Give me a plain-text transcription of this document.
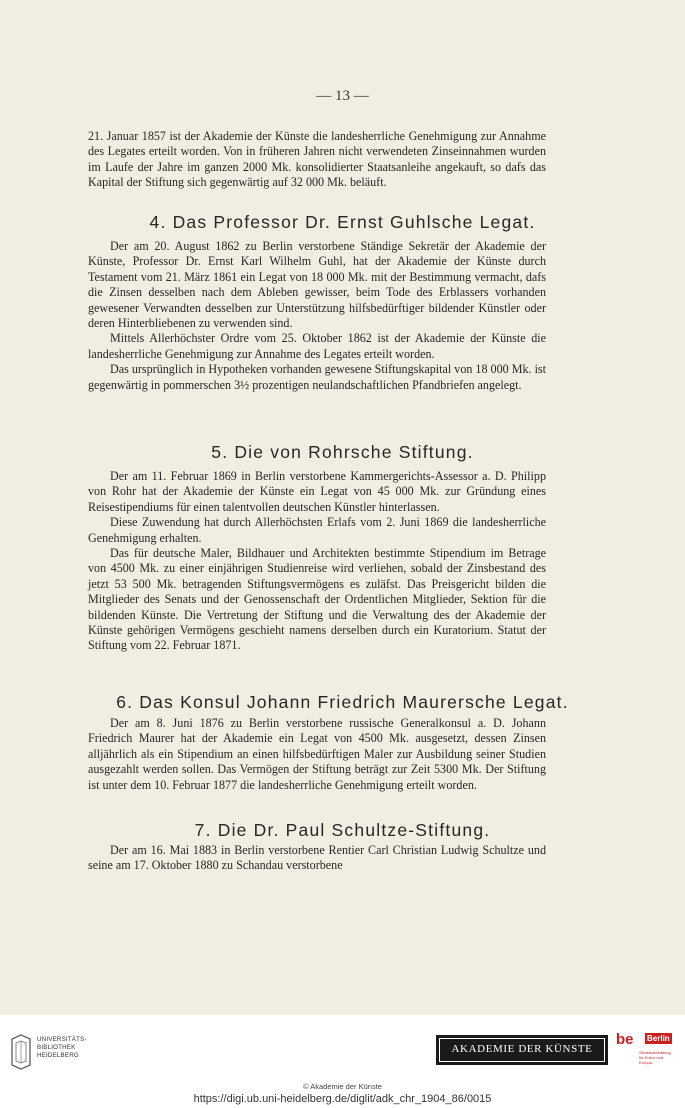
— 13 —

21. Januar 1857 ist der Akademie der Künste die landesherrliche Genehmigung zur Annahme des Legates erteilt worden. Von in früheren Jahren nicht verwendeten Zinseinnahmen wurden im Laufe der Jahre im ganzen 2000 Mk. konsolidierter Staatsanleihe angekauft, so dafs das Kapital der Stiftung sich gegenwärtig auf 32 000 Mk. beläuft.

4. Das Professor Dr. Ernst Guhlsche Legat.

Der am 20. August 1862 zu Berlin verstorbene Ständige Sekretär der Akademie der Künste, Professor Dr. Ernst Karl Wilhelm Guhl, hat der Akademie der Künste durch Testament vom 21. März 1861 ein Legat von 18 000 Mk. mit der Bestimmung vermacht, dafs die Zinsen desselben nach dem Ableben gewisser, beim Tode des Erblassers vorhanden gewesener Verwandten desselben zur Unterstützung hilfsbedürftiger bildender Künstler oder deren Hinterbliebenen zu verwenden sind.

Mittels Allerhöchster Ordre vom 25. Oktober 1862 ist der Akademie der Künste die landesherrliche Genehmigung zur Annahme des Legates erteilt worden.

Das ursprünglich in Hypotheken vorhanden gewesene Stiftungskapital von 18 000 Mk. ist gegenwärtig in pommerschen 3½ prozentigen neulandschaftlichen Pfandbriefen angelegt.

5. Die von Rohrsche Stiftung.

Der am 11. Februar 1869 in Berlin verstorbene Kammergerichts-Assessor a. D. Philipp von Rohr hat der Akademie der Künste ein Legat von 45 000 Mk. zur Gründung eines Reisestipendiums für einen talentvollen deutschen Künstler hinterlassen.

Diese Zuwendung hat durch Allerhöchsten Erlafs vom 2. Juni 1869 die landesherrliche Genehmigung erhalten.

Das für deutsche Maler, Bildhauer und Architekten bestimmte Stipendium im Betrage von 4500 Mk. zu einer einjährigen Studienreise wird verliehen, sobald der Zinsbestand des jetzt 53 500 Mk. betragenden Stiftungsvermögens es zuläfst. Das Preisgericht bilden die Mitglieder des Senats und der Genossenschaft der Ordentlichen Mitglieder, Sektion für die bildenden Künste. Die Vertretung der Stiftung und die Verwaltung des der Akademie der Künste gehörigen Vermögens geschieht namens derselben durch ein Kuratorium. Statut der Stiftung vom 22. Februar 1871.

6. Das Konsul Johann Friedrich Maurersche Legat.

Der am 8. Juni 1876 zu Berlin verstorbene russische Generalkonsul a. D. Johann Friedrich Maurer hat der Akademie ein Legat von 4500 Mk. ausgesetzt, dessen Zinsen alljährlich als ein Stipendium an einen hilfsbedürftigen Maler zur Ausbildung seiner Studien ausgezahlt werden sollen. Das Vermögen der Stiftung beträgt zur Zeit 5300 Mk. Der Stiftung ist unter dem 10. Februar 1877 die landesherrliche Genehmigung erteilt worden.

7. Die Dr. Paul Schultze-Stiftung.

Der am 16. Mai 1883 in Berlin verstorbene Rentier Carl Christian Ludwig Schultze und seine am 17. Oktober 1880 zu Schandau verstorbene

UNIVERSITÄTS-
BIBLIOTHEK
HEIDELBERG
AKADEMIE DER KÜNSTE
be Berlin
Senatsverwaltung für Kultur und Europa
© Akademie der Künste
https://digi.ub.uni-heidelberg.de/diglit/adk_chr_1904_86/0015
